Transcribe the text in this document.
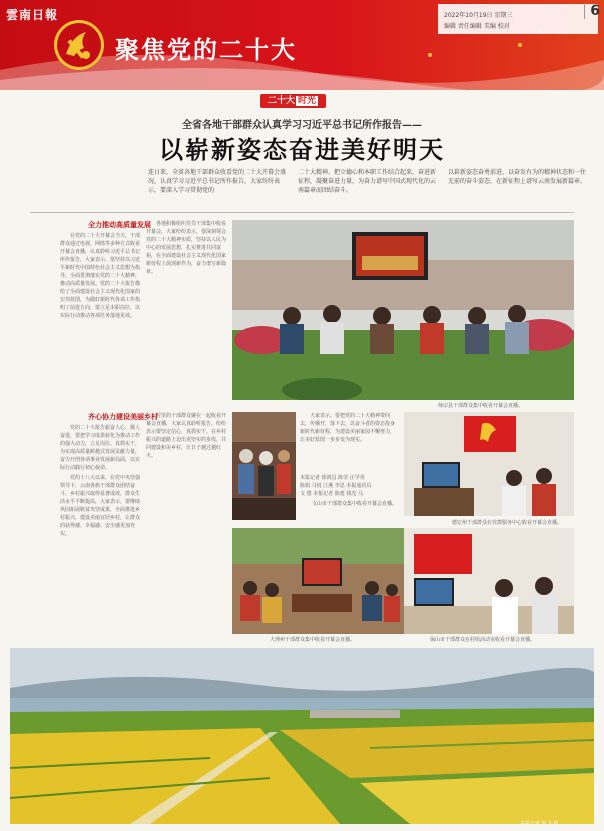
雲南日報
聚焦党的二十大
2022年10月19日 星期三
编辑 责任编辑 美编 校对
6
二十大 时光
全省各地干部群众认真学习习近平总书记所作报告——
以崭新姿态奋进美好明天
连日来，全省各地干部群众收看党的二十大开幕会盛况，认真学习习近平总书记所作报告，大家纷纷表示，要深入学习贯彻党的
二十大精神，把立德心和本职工作结合起来，奋进新征程，凝聚奋进力量，为奋力谱写中国式现代化的云南篇章而团结奋斗。
以崭新姿态奋勇前进，以奋发有为的精神状态和一往无前的奋斗姿态，在新征程上谱写云南发展新篇章。
全力推动高质量发展

在党的二十大开幕会当天，干部群众通过电视、网络等多种方式收看开幕会直播，认真聆听习近平总书记所作报告，大家表示，要坚持以习近平新时代中国特色社会主义思想为指导，全面贯彻落实党的二十大精神，推动高质量发展。党的二十大报告描绘了全面建设社会主义现代化国家的宏伟蓝图，为做好新时代各项工作指明了前进方向，要立足本职岗位，以实际行动推动各项任务落地见效。

各地积极组织党员干部集中收看开幕会，大家纷纷表示，要深刻领会党的二十大精神实质，坚持以人民为中心的发展思想，扎实推进共同富裕，在全面建设社会主义现代化国家新征程上展现新作为，奋力谱写新篇章。

师宗县干部群众集中收看开幕会直播。
齐心协力建设美丽乡村

党的二十大报告振奋人心、催人奋进，要把学习成果转化为推动工作的强大动力，立足岗位、真抓实干，为实现高质量跨越式发展贡献力量，奋力开创各项事业发展新局面，以实际行动践行初心使命。

党的十八大以来，在党中央坚强领导下，云南各族干部群众团结奋斗，乡村振兴取得显著成效，群众生活水平不断提高，大家表示，要继续巩固拓展脱贫攻坚成果，全面推进乡村振兴，建设美丽宜居乡村，让群众的获得感、幸福感、安全感更加充实。

村里的干部群众聚在一起收看开幕会直播，大家认真聆听报告，纷纷表示要坚定信心，真抓实干，在乡村振兴的道路上迈出更坚实的步伐，共同建设和美乡村，让日子越过越红火。

大家表示，要把党的二十大精神带回去，传播开，落下去，以奋斗者的姿态投身新时代新征程，为建设美丽家园不懈努力，让美好蓝图一步步变为现实。

德宏州干部群众在党群服务中心收看开幕会直播。
文山市干部群众集中收看开幕会直播。
大理州干部群众集中收看开幕会直播。	保山市干部群众在村组活动室收看开幕会直播。
本报记者 徐鸿昌 陈莹 汪学英
陈娟 马悦 江燕 李思 本报通讯员
文 图 本报记者 陈建 钱光 马
本报记者 陈飞 摄
